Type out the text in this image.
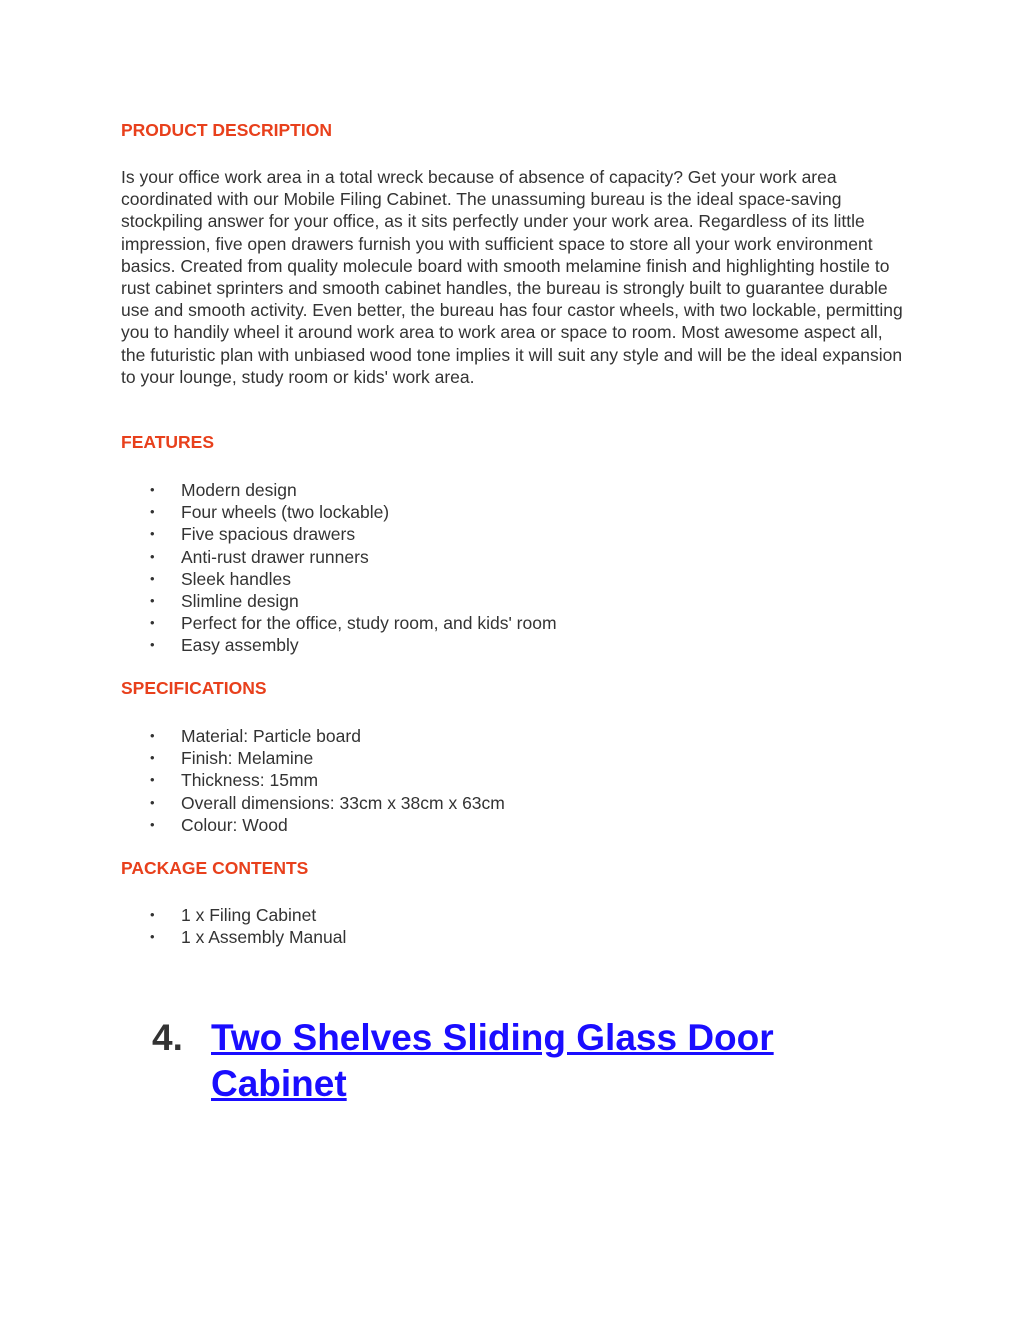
PRODUCT DESCRIPTION

Is your office work area in a total wreck because of absence of capacity? Get your work area coordinated with our Mobile Filing Cabinet. The unassuming bureau is the ideal space-saving stockpiling answer for your office, as it sits perfectly under your work area. Regardless of its little impression, five open drawers furnish you with sufficient space to store all your work environment basics. Created from quality molecule board with smooth melamine finish and highlighting hostile to rust cabinet sprinters and smooth cabinet handles, the bureau is strongly built to guarantee durable use and smooth activity. Even better, the bureau has four castor wheels, with two lockable, permitting you to handily wheel it around work area to work area or space to room. Most awesome aspect all, the futuristic plan with unbiased wood tone implies it will suit any style and will be the ideal expansion to your lounge, study room or kids' work area.

FEATURES
• Modern design
• Four wheels (two lockable)
• Five spacious drawers
• Anti-rust drawer runners
• Sleek handles
• Slimline design
• Perfect for the office, study room, and kids' room
• Easy assembly
SPECIFICATIONS
• Material: Particle board
• Finish: Melamine
• Thickness: 15mm
• Overall dimensions: 33cm x 38cm x 63cm
• Colour: Wood
PACKAGE CONTENTS
• 1 x Filing Cabinet
• 1 x Assembly Manual
4. Two Shelves Sliding Glass Door Cabinet
